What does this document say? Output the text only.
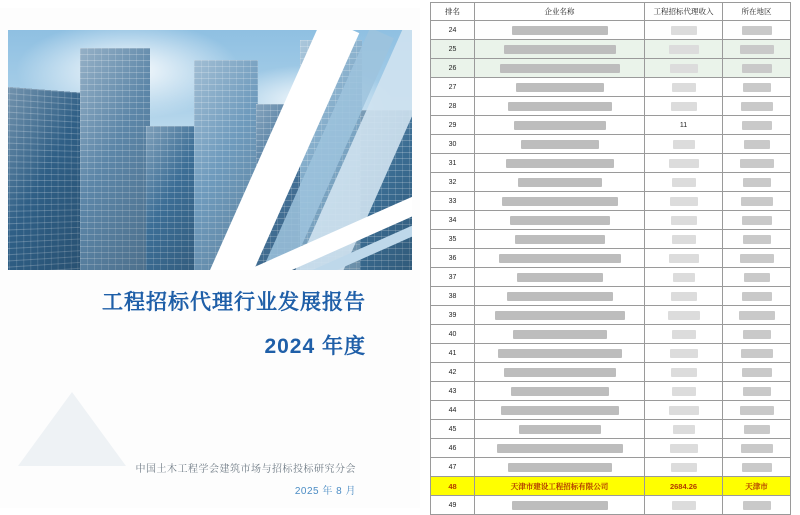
工程招标代理行业发展报告
2024 年度
中国土木工程学会建筑市场与招标投标研究分会
2025 年 8 月
排名	企业名称	工程招标代理收入	所在地区
24			
25			
26			
27			
28			
29		11	
30			
31			
32			
33			
34			
35			
36			
37			
38			
39			
40			
41			
42			
43			
44			
45			
46			
47			
48	天津市建设工程招标有限公司	2684.26	天津市
49			
